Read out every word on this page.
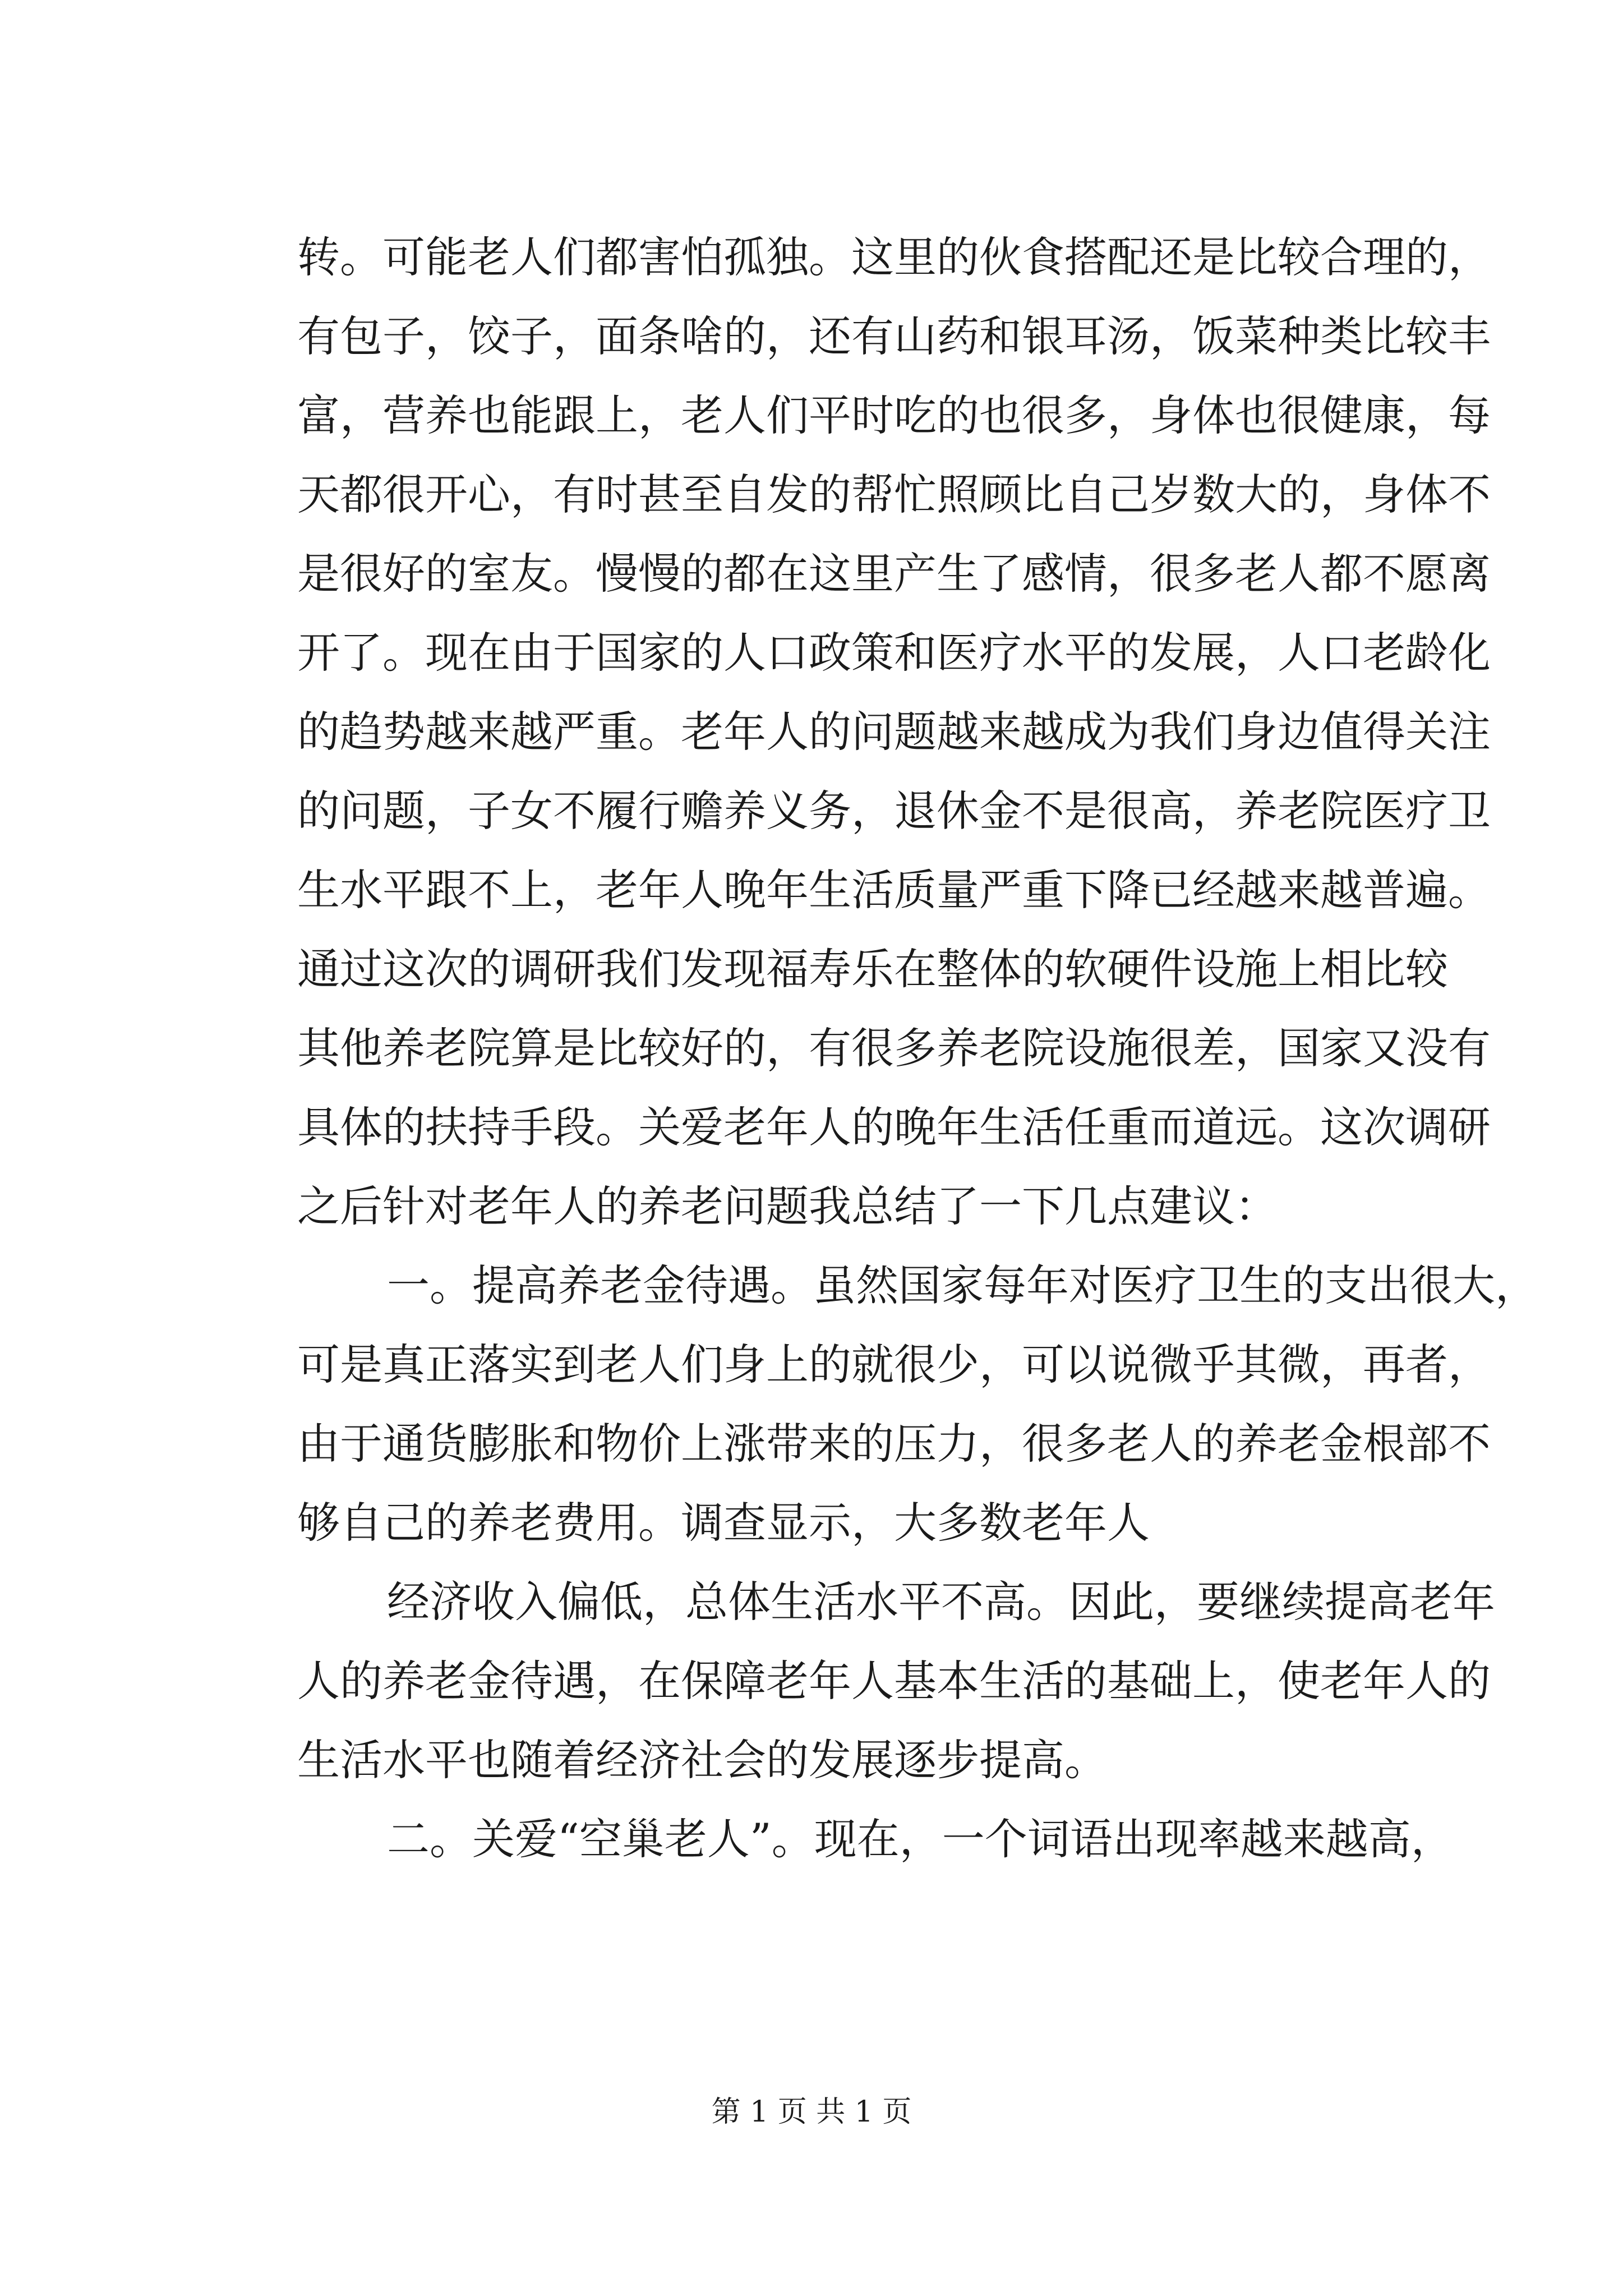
转。可能老人们都害怕孤独。这里的伙食搭配还是比较合理的，
有包子，饺子，面条啥的，还有山药和银耳汤，饭菜种类比较丰
富，营养也能跟上，老人们平时吃的也很多，身体也很健康，每
天都很开心，有时甚至自发的帮忙照顾比自己岁数大的，身体不
是很好的室友。慢慢的都在这里产生了感情，很多老人都不愿离
开了。现在由于国家的人口政策和医疗水平的发展，人口老龄化
的趋势越来越严重。老年人的问题越来越成为我们身边值得关注
的问题，子女不履行赡养义务，退休金不是很高，养老院医疗卫
生水平跟不上，老年人晚年生活质量严重下降已经越来越普遍。
通过这次的调研我们发现福寿乐在整体的软硬件设施上相比较
其他养老院算是比较好的，有很多养老院设施很差，国家又没有
具体的扶持手段。关爱老年人的晚年生活任重而道远。这次调研
之后针对老年人的养老问题我总结了一下几点建议：
一。提高养老金待遇。虽然国家每年对医疗卫生的支出很大，
可是真正落实到老人们身上的就很少，可以说微乎其微，再者，
由于通货膨胀和物价上涨带来的压力，很多老人的养老金根部不
够自己的养老费用。调查显示，大多数老年人
经济收入偏低，总体生活水平不高。因此，要继续提高老年
人的养老金待遇，在保障老年人基本生活的基础上，使老年人的
生活水平也随着经济社会的发展逐步提高。
二。关爱“空巢老人”。现在，一个词语出现率越来越高，
第 1 页 共 1 页
